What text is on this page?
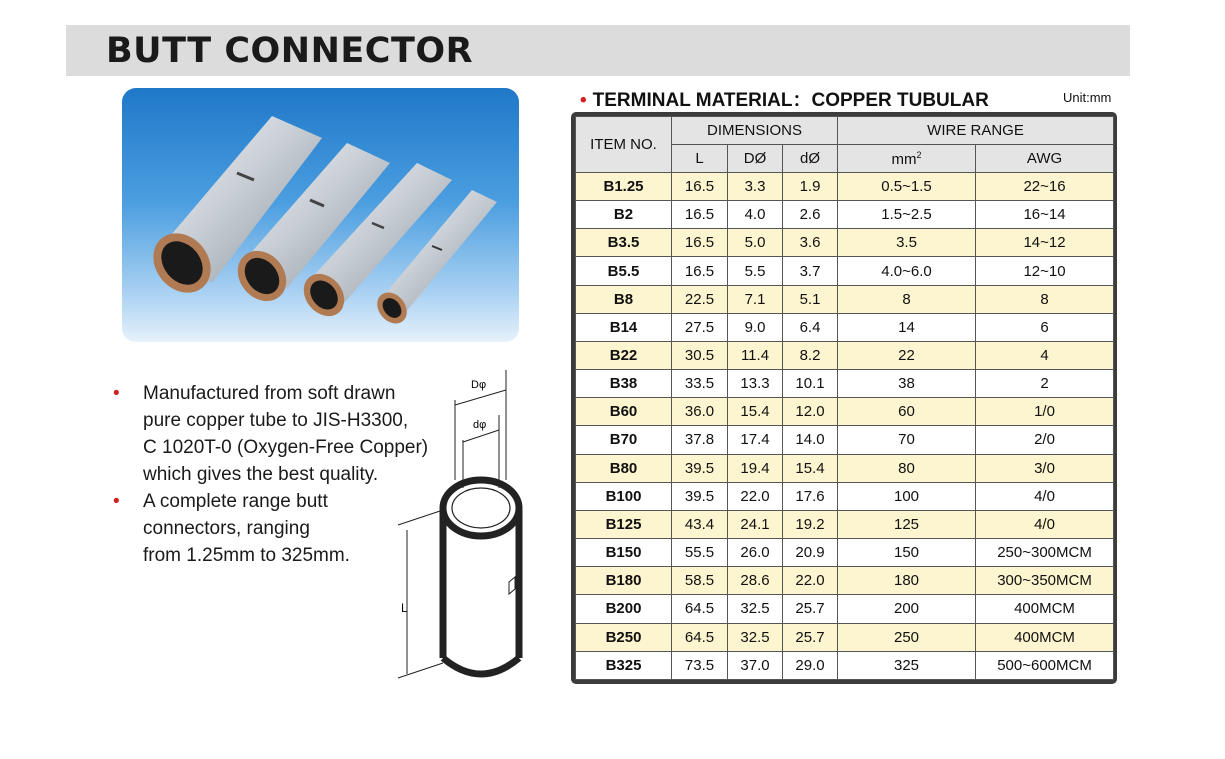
BUTT CONNECTOR
• Manufactured from soft drawn
pure copper tube to JIS-H3300,
C 1020T-0 (Oxygen-Free Copper)
which gives the best quality.
• A complete range butt
connectors, ranging
from 1.25mm to 325mm.
Dφ
dφ
L
• TERMINAL MATERIAL：COPPER TUBULAR	Unit:mm
ITEM NO.	DIMENSIONS			WIRE RANGE	
	L	DØ	dØ	$mm^2$	AWG
B1.25	16.5	3.3	1.9	0.5~1.5	22~16
B2	16.5	4.0	2.6	1.5~2.5	16~14
B3.5	16.5	5.0	3.6	3.5	14~12
B5.5	16.5	5.5	3.7	4.0~6.0	12~10
B8	22.5	7.1	5.1	8	8
B14	27.5	9.0	6.4	14	6
B22	30.5	11.4	8.2	22	4
B38	33.5	13.3	10.1	38	2
B60	36.0	15.4	12.0	60	1/0
B70	37.8	17.4	14.0	70	2/0
B80	39.5	19.4	15.4	80	3/0
B100	39.5	22.0	17.6	100	4/0
B125	43.4	24.1	19.2	125	4/0
B150	55.5	26.0	20.9	150	250~300MCM
B180	58.5	28.6	22.0	180	300~350MCM
B200	64.5	32.5	25.7	200	400MCM
B250	64.5	32.5	25.7	250	400MCM
B325	73.5	37.0	29.0	325	500~600MCM
